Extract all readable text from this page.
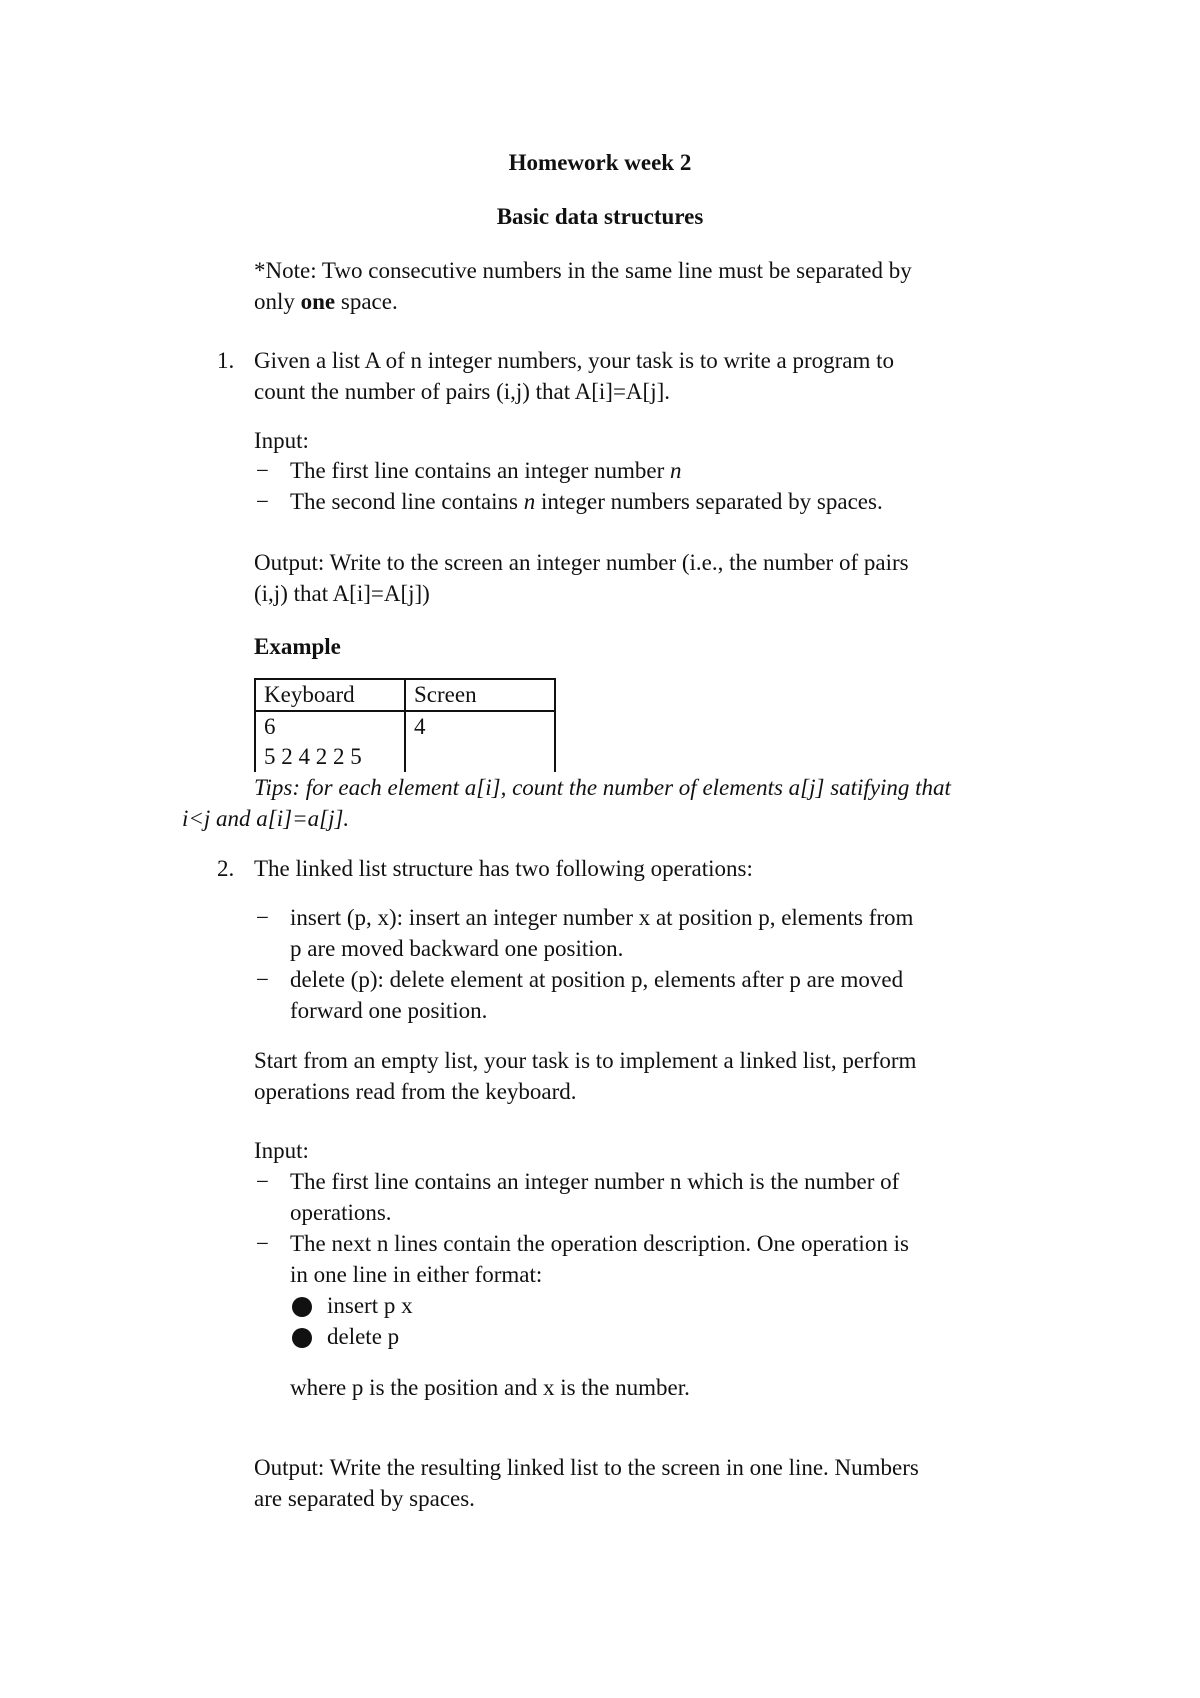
Homework week 2
Basic data structures
*Note: Two consecutive numbers in the same line must be separated by
only one space.
1. Given a list A of n integer numbers, your task is to write a program to
count the number of pairs (i,j) that A[i]=A[j].
Input:
− The first line contains an integer number n
− The second line contains n integer numbers separated by spaces.
Output: Write to the screen an integer number (i.e., the number of pairs
(i,j) that A[i]=A[j])
Example
Keyboard	Screen
6	4
5 2 4 2 2 5	
Tips: for each element a[i], count the number of elements a[j] satifying that
i<j and a[i]=a[j].
2. The linked list structure has two following operations:
− insert (p, x): insert an integer number x at position p, elements from
p are moved backward one position.
− delete (p): delete element at position p, elements after p are moved
forward one position.
Start from an empty list, your task is to implement a linked list, perform
operations read from the keyboard.
Input:
− The first line contains an integer number n which is the number of
operations.
− The next n lines contain the operation description. One operation is
in one line in either format:
insert p x
delete p
where p is the position and x is the number.
Output: Write the resulting linked list to the screen in one line. Numbers
are separated by spaces.
